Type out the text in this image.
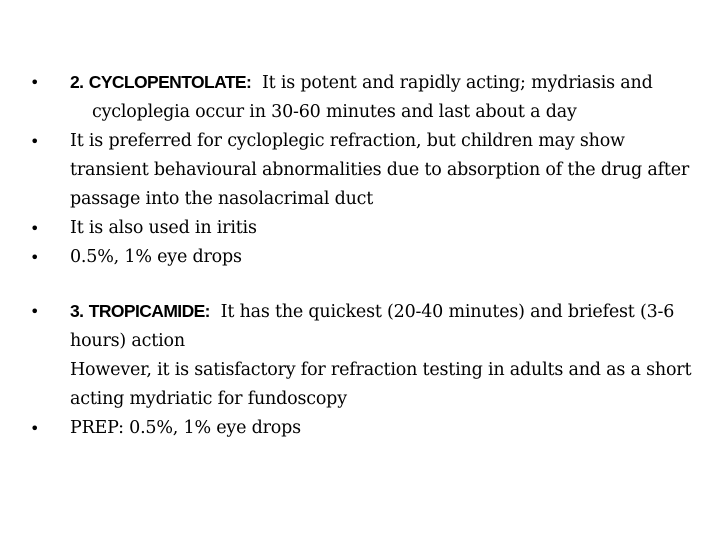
• 2. CYCLOPENTOLATE: It is potent and rapidly acting; mydriasis and
cycloplegia occur in 30-60 minutes and last about a day
• It is preferred for cycloplegic refraction, but children may show
transient behavioural abnormalities due to absorption of the drug after
passage into the nasolacrimal duct
• It is also used in iritis
• 0.5%, 1% eye drops
• 3. TROPICAMIDE: It has the quickest (20-40 minutes) and briefest (3-6
hours) action
However, it is satisfactory for refraction testing in adults and as a short
acting mydriatic for fundoscopy
• PREP: 0.5%, 1% eye drops
